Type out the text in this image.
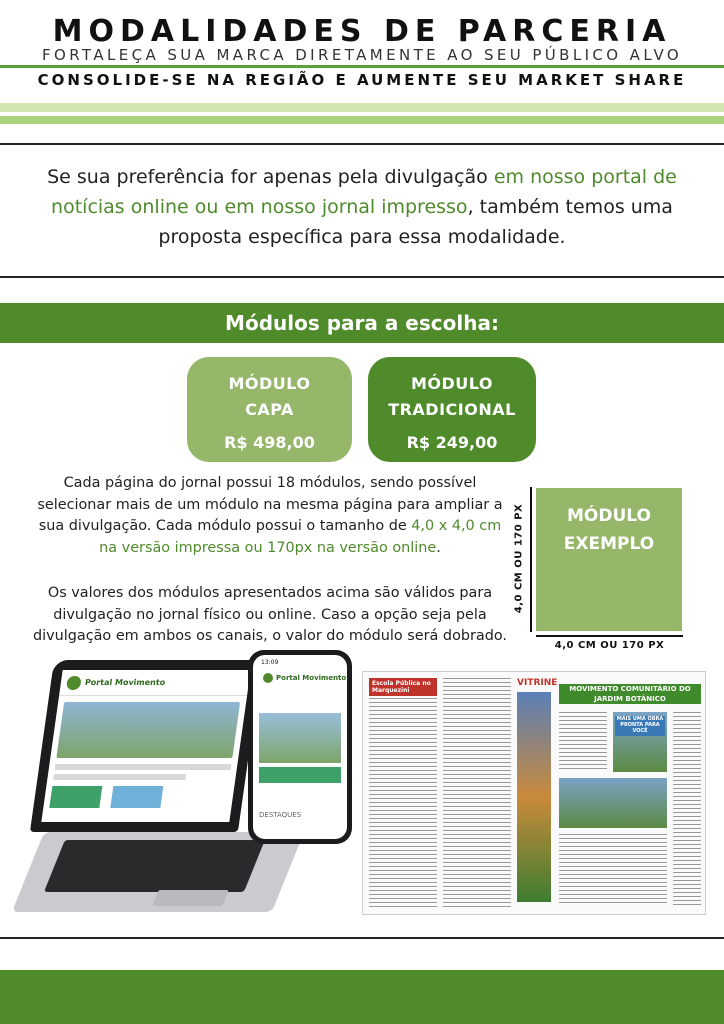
MODALIDADES DE PARCERIA
FORTALEÇA SUA MARCA DIRETAMENTE AO SEU PÚBLICO ALVO
CONSOLIDE-SE NA REGIÃO E AUMENTE SEU MARKET SHARE
Se sua preferência for apenas pela divulgação em nosso portal de notícias online ou em nosso jornal impresso, também temos uma proposta específica para essa modalidade.
Módulos para a escolha:
MÓDULO
CAPA
R$ 498,00
MÓDULO
TRADICIONAL
R$ 249,00
Cada página do jornal possui 18 módulos, sendo possível selecionar mais de um módulo na mesma página para ampliar a sua divulgação. Cada módulo possui o tamanho de 4,0 x 4,0 cm na versão impressa ou 170px na versão online.
Os valores dos módulos apresentados acima são válidos para divulgação no jornal físico ou online. Caso a opção seja pela divulgação em ambos os canais, o valor do módulo será dobrado.
4,0 CM OU 170 PX	MÓDULO
EXEMPLO
4,0 CM OU 170 PX
Portal Movimento

13:09
Portal Movimento
DESTAQUES
Escola Pública no Marquezini
VITRINE
MOVIMENTO COMUNITÁRIO DO JARDIM BOTÂNICO
MAIS UMA OBRA PRONTA PARA VOCÊ
